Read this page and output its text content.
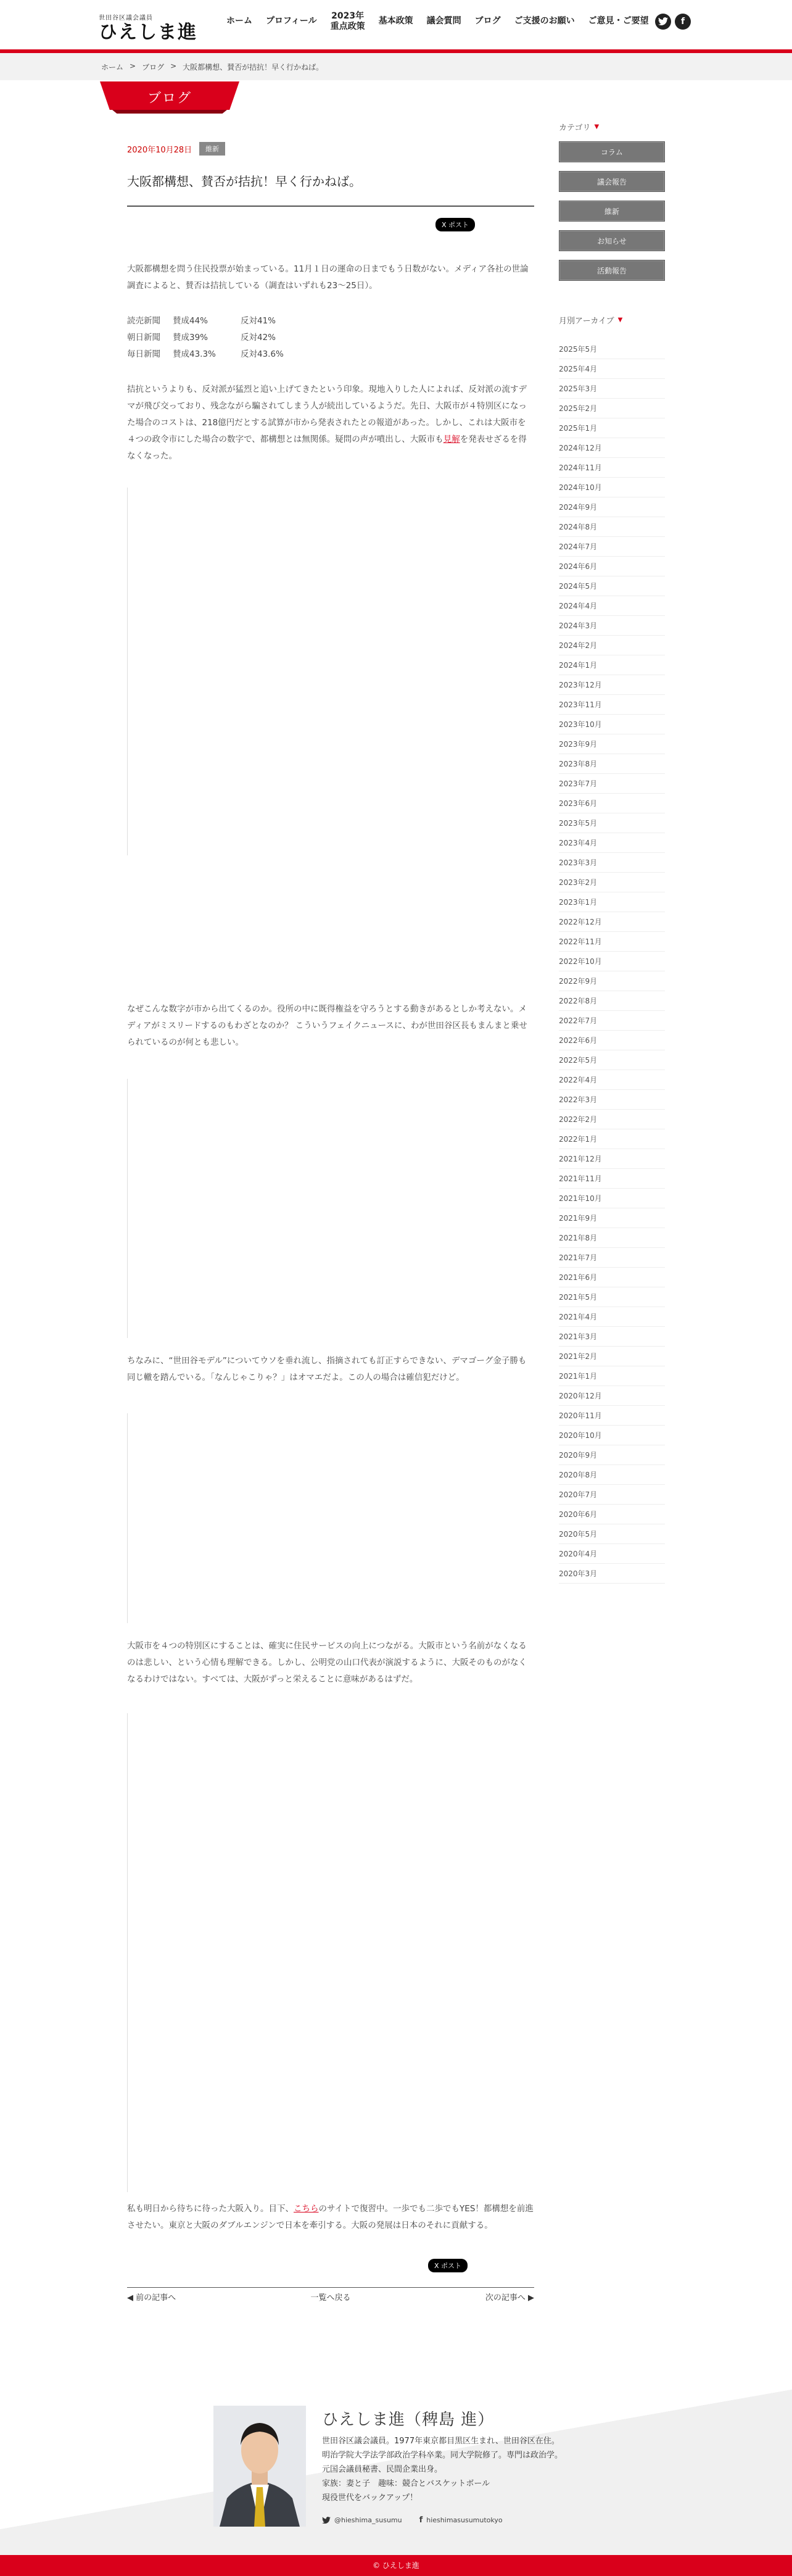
世田谷区議会議員
ひえしま進
ホーム	プロフィール	2023年
重点政策
基本政策	議会質問	ブログ	ご支援のお願い	ご意見・ご要望	f
ホーム > ブログ > 大阪都構想、賛否が拮抗！早く行かねば。
ブログ
2020年10月28日	維新
大阪都構想、賛否が拮抗！早く行かねば。
X ポスト

大阪都構想を問う住民投票が始まっている。11月１日の運命の日までもう日数がない。メディア各社の世論調査によると、賛否は拮抗している（調査はいずれも23〜25日）。

読売新聞 賛成44%	反対41%
朝日新聞 賛成39%	反対42%
毎日新聞 賛成43.3%	反対43.6%

拮抗というよりも、反対派が猛烈と追い上げてきたという印象。現地入りした人によれば、反対派の流すデマが飛び交っており、残念ながら騙されてしまう人が続出しているようだ。先日、大阪市が４特別区になった場合のコストは、218億円だとする試算が市から発表されたとの報道があった。しかし、これは大阪市を４つの政令市にした場合の数字で、都構想とは無関係。疑問の声が噴出し、大阪市も見解を発表せざるを得なくなった。

なぜこんな数字が市から出てくるのか。役所の中に既得権益を守ろうとする動きがあるとしか考えない。メディアがミスリードするのもわざとなのか？ こういうフェイクニュースに、わが世田谷区長もまんまと乗せられているのが何とも悲しい。

ちなみに、“世田谷モデル”についてウソを垂れ流し、指摘されても訂正すらできない、デマゴーグ金子勝も同じ轍を踏んでいる。「なんじゃこりゃ？」はオマエだよ。この人の場合は確信犯だけど。

大阪市を４つの特別区にすることは、確実に住民サービスの向上につながる。大阪市という名前がなくなるのは悲しい、という心情も理解できる。しかし、公明党の山口代表が演説するように、大阪そのものがなくなるわけではない。すべては、大阪がずっと栄えることに意味があるはずだ。

私も明日から待ちに待った大阪入り。目下、こちらのサイトで復習中。一歩でも二歩でもYES！都構想を前進させたい。東京と大阪のダブルエンジンで日本を牽引する。大阪の発展は日本のそれに貢献する。

X ポスト
◀ 前の記事へ	一覧へ戻る	次の記事へ ▶
カテゴリ ▼
コラム
議会報告
維新
お知らせ
活動報告
月別アーカイブ ▼
2025年5月
2025年4月
2025年3月
2025年2月
2025年1月
2024年12月
2024年11月
2024年10月
2024年9月
2024年8月
2024年7月
2024年6月
2024年5月
2024年4月
2024年3月
2024年2月
2024年1月
2023年12月
2023年11月
2023年10月
2023年9月
2023年8月
2023年7月
2023年6月
2023年5月
2023年4月
2023年3月
2023年2月
2023年1月
2022年12月
2022年11月
2022年10月
2022年9月
2022年8月
2022年7月
2022年6月
2022年5月
2022年4月
2022年3月
2022年2月
2022年1月
2021年12月
2021年11月
2021年10月
2021年9月
2021年8月
2021年7月
2021年6月
2021年5月
2021年4月
2021年3月
2021年2月
2021年1月
2020年12月
2020年11月
2020年10月
2020年9月
2020年8月
2020年7月
2020年6月
2020年5月
2020年4月
2020年3月
ひえしま進（稗島 進）
世田谷区議会議員。1977年東京都目黒区生まれ、世田谷区在住。
明治学院大学法学部政治学科卒業。同大学院修了。専門は政治学。
元国会議員秘書、民間企業出身。
家族：妻と子　趣味：競合とバスケットボール
現役世代をバックアップ！
@hieshima_susumu f hieshimasusumutokyo
© ひえしま進
